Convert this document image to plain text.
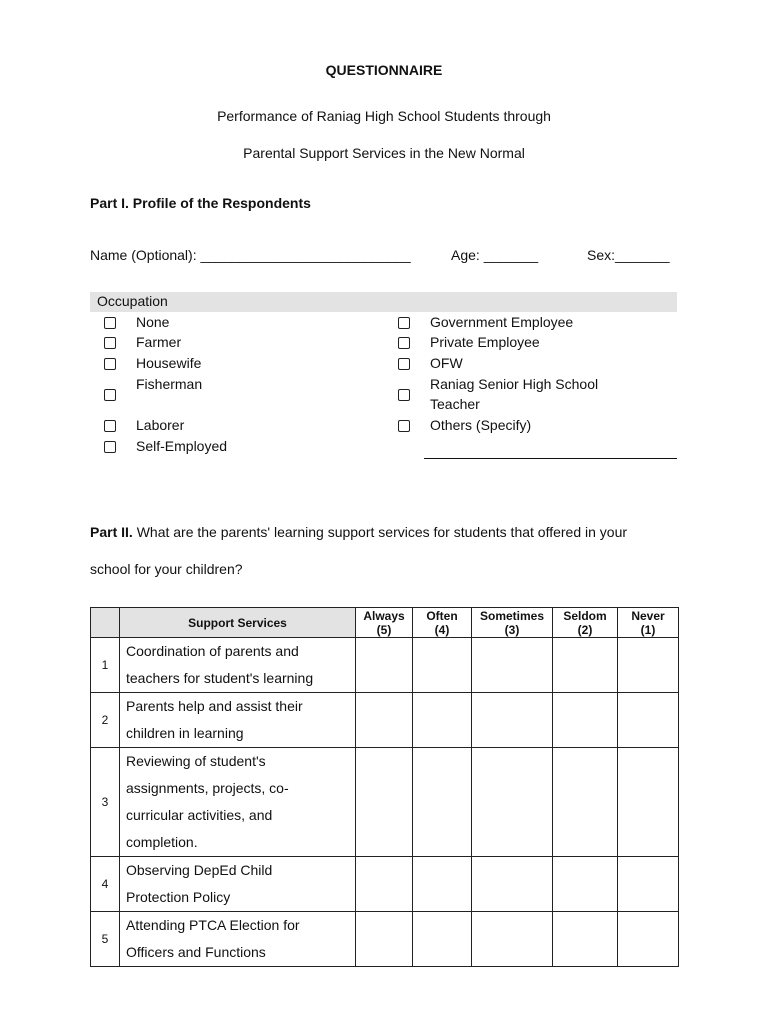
QUESTIONNAIRE
Performance of Raniag High School Students through
Parental Support Services in the New Normal
Part I. Profile of the Respondents
Name (Optional): ___________________________	Age: _______	Sex:_______
Occupation
None
Farmer
Housewife
Fisherman
Laborer
Self-Employed
Government Employee
Private Employee
OFW
Raniag Senior High School
Teacher
Others (Specify)
Part II. What are the parents' learning support services for students that offered in your
school for your children?
	Support Services	Always
(5)	Often
(4)	Sometimes
(3)	Seldom
(2)	Never
(1)

1	Coordination of parents and
teachers for student's learning					

2	Parents help and assist their
children in learning					

3	Reviewing of student's
assignments, projects, co-
curricular activities, and
completion.					

4	Observing DepEd Child
Protection Policy					

5	Attending PTCA Election for
Officers and Functions					
